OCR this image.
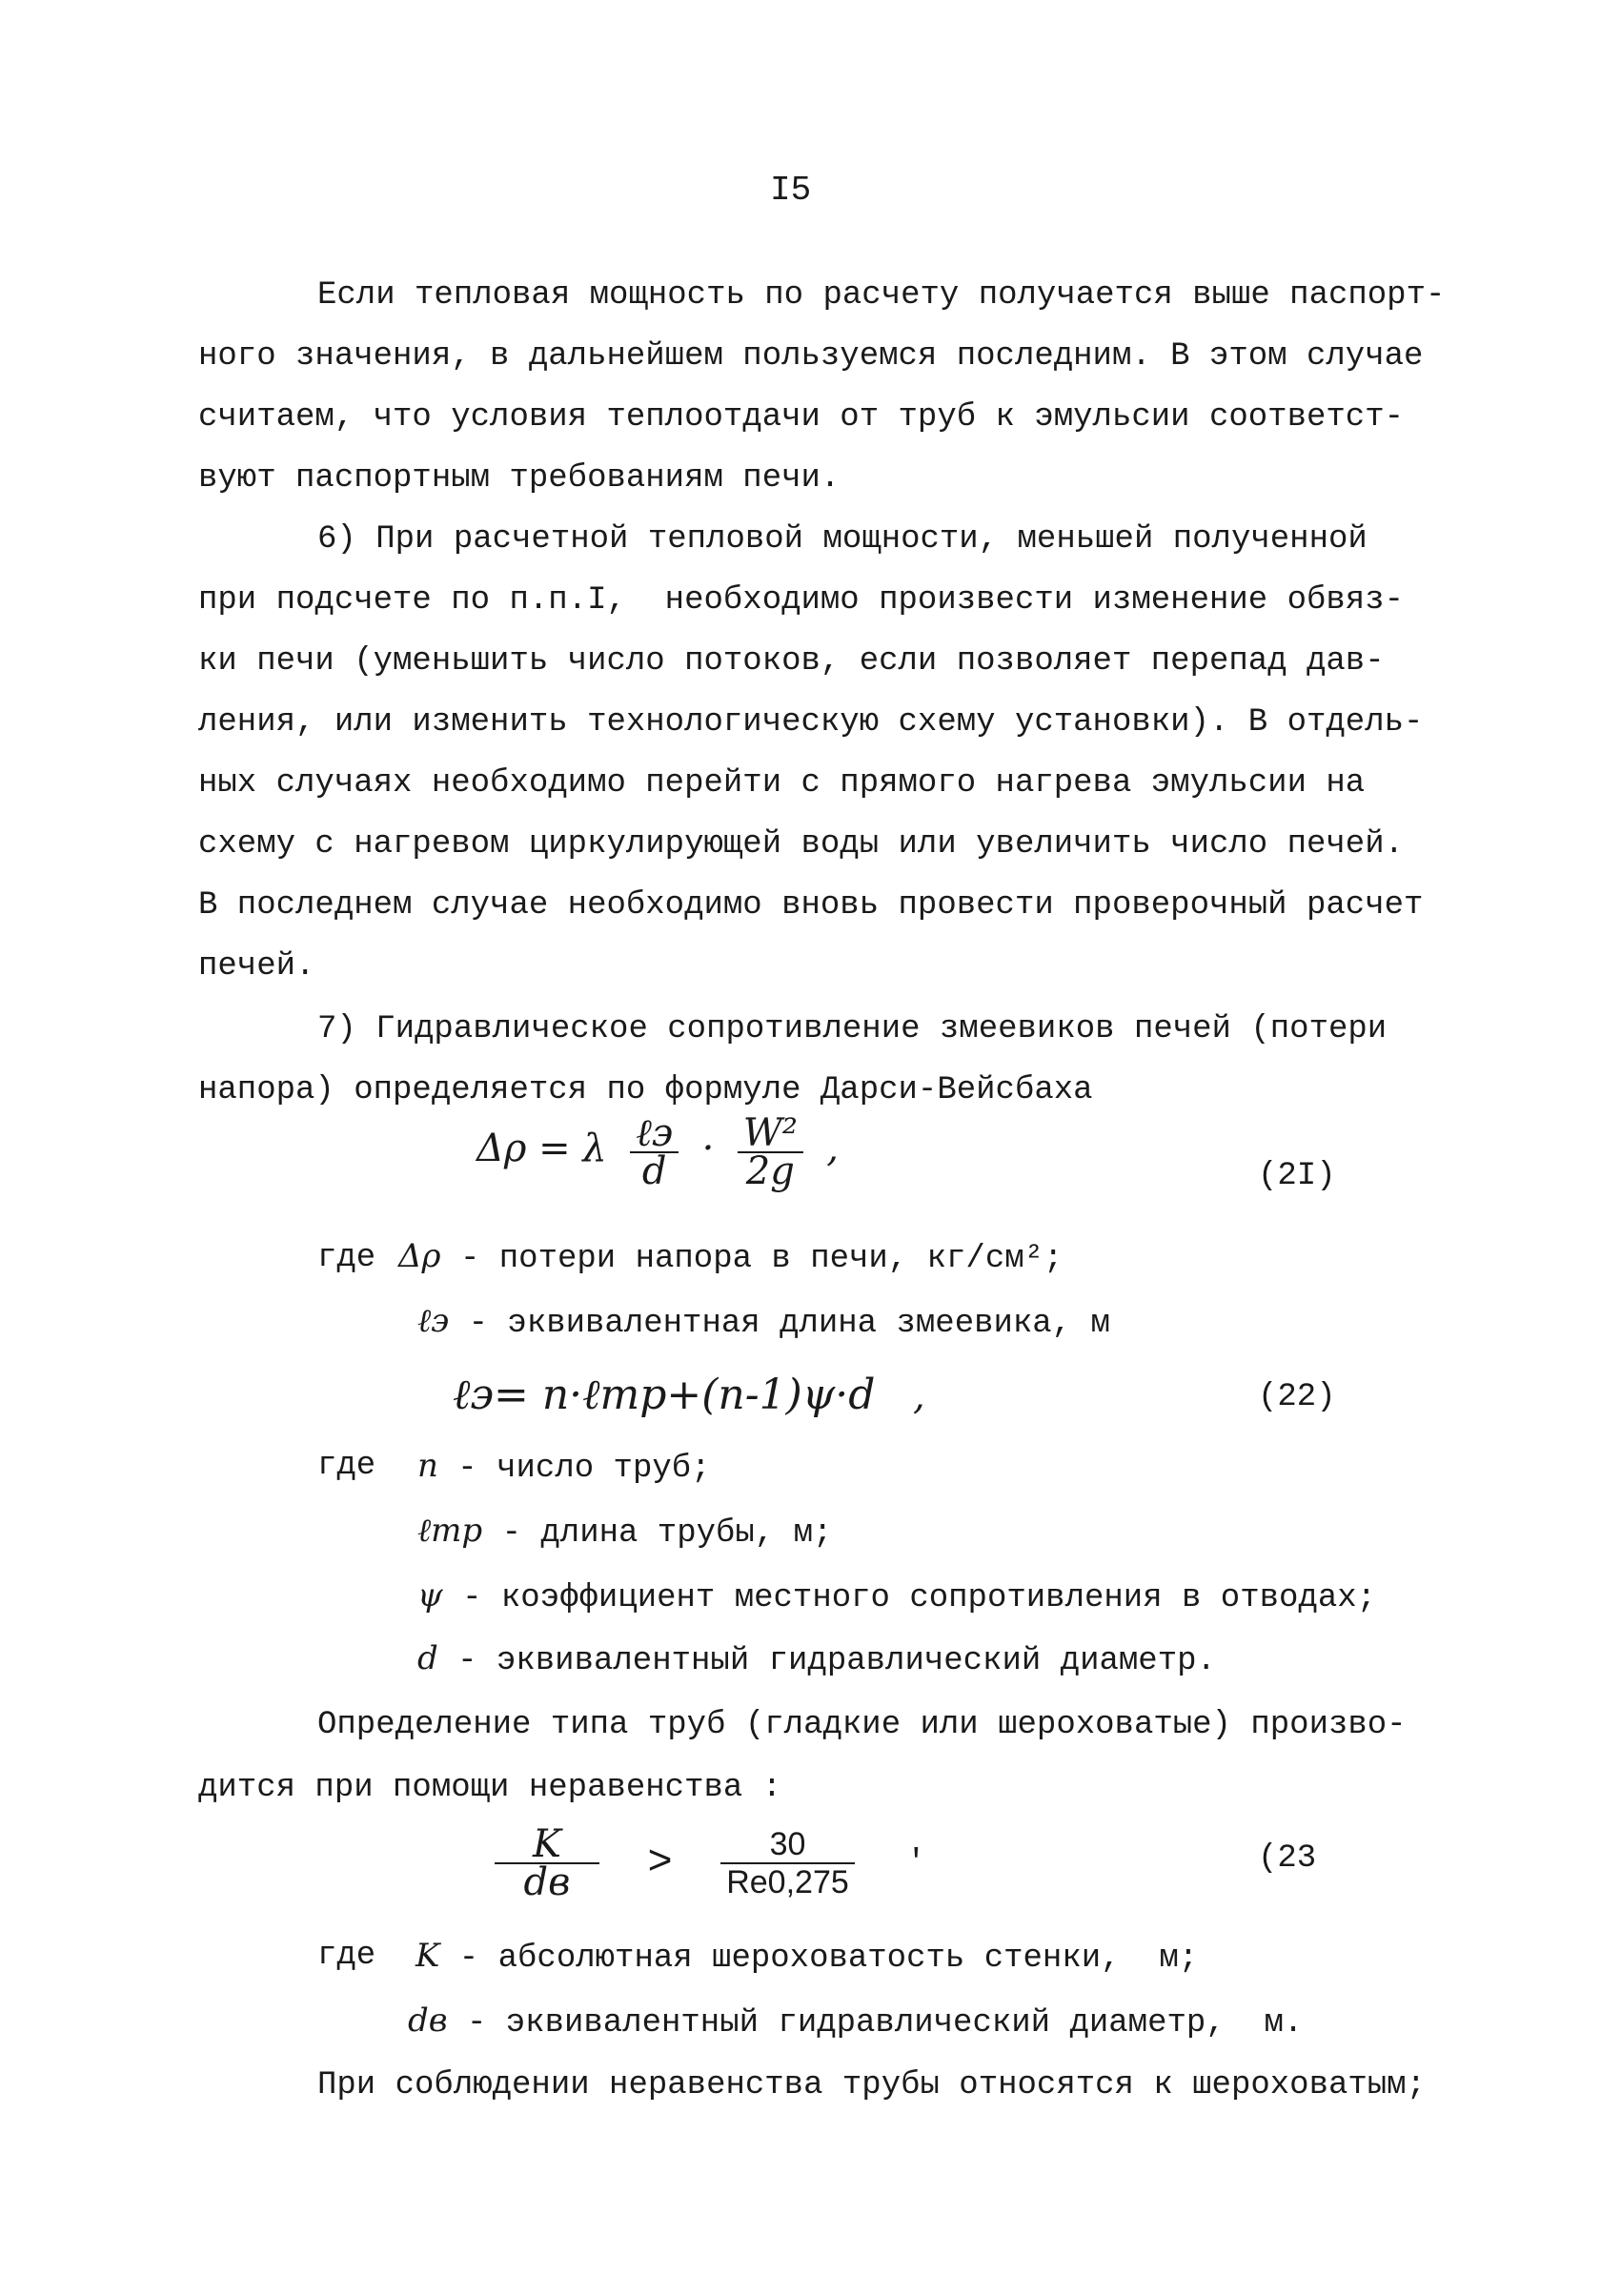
I5
Если тепловая мощность по расчету получается выше паспорт-
ного значения, в дальнейшем пользуемся последним. В этом случае
считаем, что условия теплоотдачи от труб к эмульсии соответст-
вуют паспортным требованиям печи.
6) При расчетной тепловой мощности, меньшей полученной
при подсчете по п.п.I,  необходимо произвести изменение обвяз-
ки печи (уменьшить число потоков, если позволяет перепад дав-
ления, или изменить технологическую схему установки). В отдель-
ных случаях необходимо перейти с прямого нагрева эмульсии на
схему с нагревом циркулирующей воды или увеличить число печей.
В последнем случае необходимо вновь провести проверочный расчет
печей.
7) Гидравлическое сопротивление змеевиков печей (потери
напора) определяется по формуле Дарси-Вейсбаха
Δρ = λ $\frac{\text{ℓэ}}{d} \cdot \frac{\text{W²}}{2g}$ ,
(2I)
где Δρ - потери напора в печи, кг/см²;
ℓэ - эквивалентная длина змеевика, м
ℓэ= n·ℓтр+(n-1)ψ·d ,	(22)
где n - число труб;
ℓтр - длина трубы, м;
ψ - коэффициент местного сопротивления в отводах;
d - эквивалентный гидравлический диаметр.
Определение типа труб (гладкие или шероховатые) произво-
дится при помощи неравенства :
$\frac{K}{dв} > \frac{30}{Re0,275}$ '	(23
где K - абсолютная шероховатость стенки,  м;
dв - эквивалентный гидравлический диаметр,  м.
При соблюдении неравенства трубы относятся к шероховатым;
